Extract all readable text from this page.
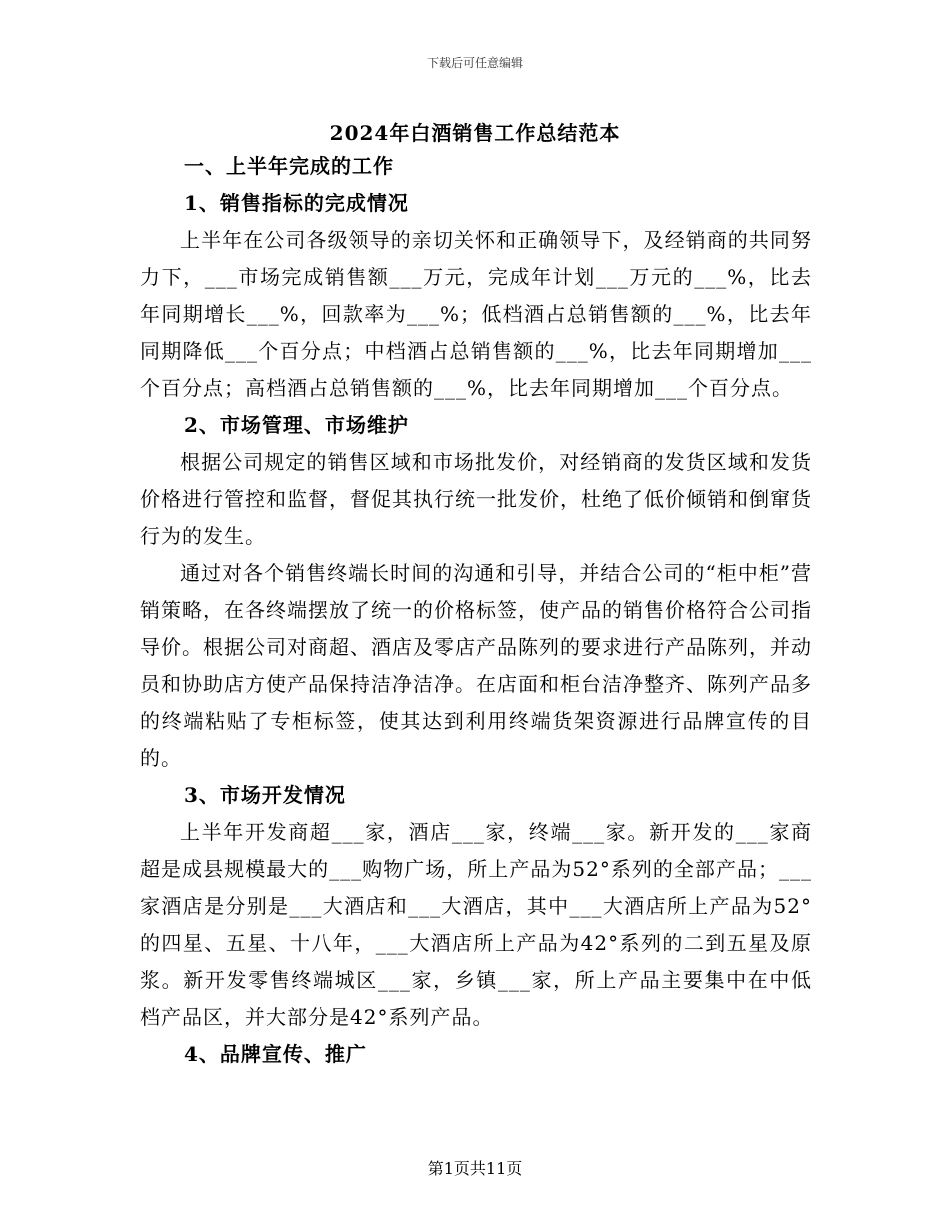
下载后可任意编辑
2024年白酒销售工作总结范本

一、上半年完成的工作

1、销售指标的完成情况

上半年在公司各级领导的亲切关怀和正确领导下，及经销商的共同努力下，___市场完成销售额___万元，完成年计划___万元的___%，比去年同期增长___%，回款率为___%；低档酒占总销售额的___%，比去年同期降低___个百分点；中档酒占总销售额的___%，比去年同期增加___个百分点；高档酒占总销售额的___%，比去年同期增加___个百分点。

2、市场管理、市场维护

根据公司规定的销售区域和市场批发价，对经销商的发货区域和发货价格进行管控和监督，督促其执行统一批发价，杜绝了低价倾销和倒窜货行为的发生。

通过对各个销售终端长时间的沟通和引导，并结合公司的“柜中柜”营销策略，在各终端摆放了统一的价格标签，使产品的销售价格符合公司指导价。根据公司对商超、酒店及零店产品陈列的要求进行产品陈列，并动员和协助店方使产品保持洁净洁净。在店面和柜台洁净整齐、陈列产品多的终端粘贴了专柜标签，使其达到利用终端货架资源进行品牌宣传的目的。

3、市场开发情况

上半年开发商超___家，酒店___家，终端___家。新开发的___家商超是成县规模最大的___购物广场，所上产品为52°系列的全部产品；___家酒店是分别是___大酒店和___大酒店，其中___大酒店所上产品为52°的四星、五星、十八年，___大酒店所上产品为42°系列的二到五星及原浆。新开发零售终端城区___家，乡镇___家，所上产品主要集中在中低档产品区，并大部分是42°系列产品。

4、品牌宣传、推广

第1页共11页
